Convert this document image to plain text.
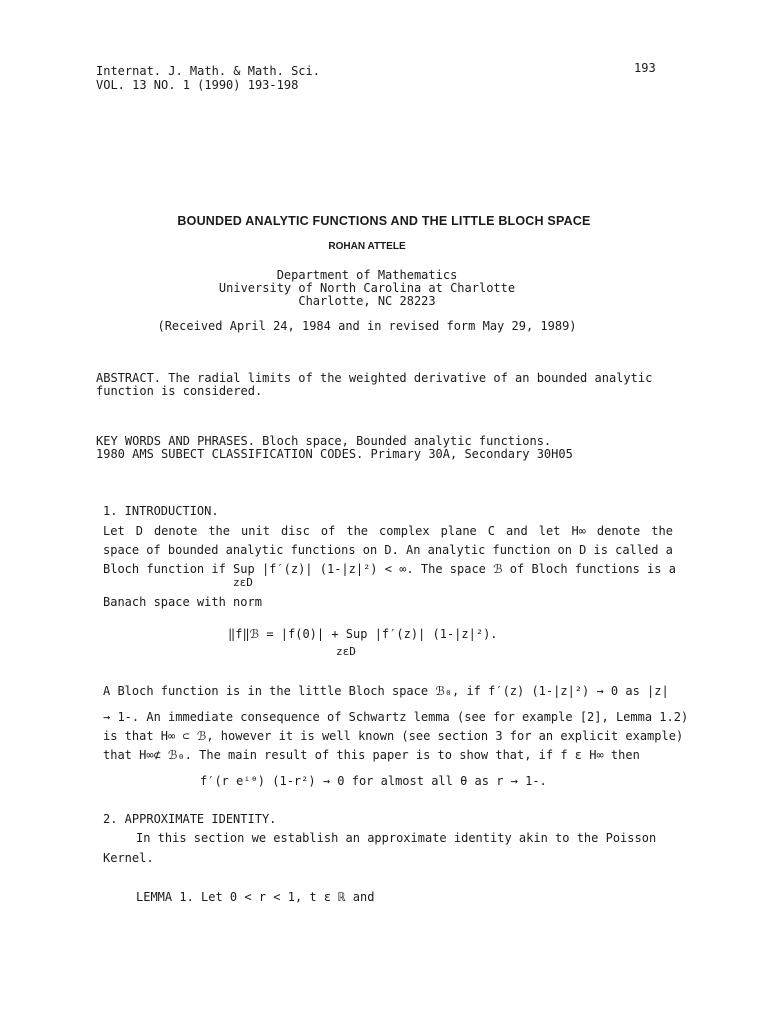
Internat. J. Math. & Math. Sci.
VOL. 13 NO. 1 (1990) 193-198
193
BOUNDED ANALYTIC FUNCTIONS AND THE LITTLE BLOCH SPACE
ROHAN ATTELE
Department of Mathematics
University of North Carolina at Charlotte
Charlotte, NC 28223
(Received April 24, 1984 and in revised form May 29, 1989)
ABSTRACT. The radial limits of the weighted derivative of an bounded analytic
function is considered.
KEY WORDS AND PHRASES. Bloch space, Bounded analytic functions.
1980 AMS SUBECT CLASSIFICATION CODES. Primary 30A, Secondary 30H05
1. INTRODUCTION.
Let D denote the unit disc of the complex plane C and let H∞ denote the
space of bounded analytic functions on D. An analytic function on D is called a
Bloch function if Sup |f′(z)| (1-|z|²) < ∞. The space ℬ of Bloch functions is a
zεD
Banach space with norm
‖f‖ℬ = |f(0)| + Sup |f′(z)| (1-|z|²).
zεD
A Bloch function is in the little Bloch space ℬ₀, if f′(z) (1-|z|²) → 0 as |z|
→ 1-. An immediate consequence of Schwartz lemma (see for example [2], Lemma 1.2)
is that H∞ ⊂ ℬ, however it is well known (see section 3 for an explicit example)
that H∞⊄ ℬ₀. The main result of this paper is to show that, if f ε H∞ then
f′(r eⁱᶿ) (1-r²) → 0 for almost all θ as r → 1-.
2. APPROXIMATE IDENTITY.
In this section we establish an approximate identity akin to the Poisson
Kernel.
LEMMA 1. Let 0 < r < 1, t ε ℝ and
